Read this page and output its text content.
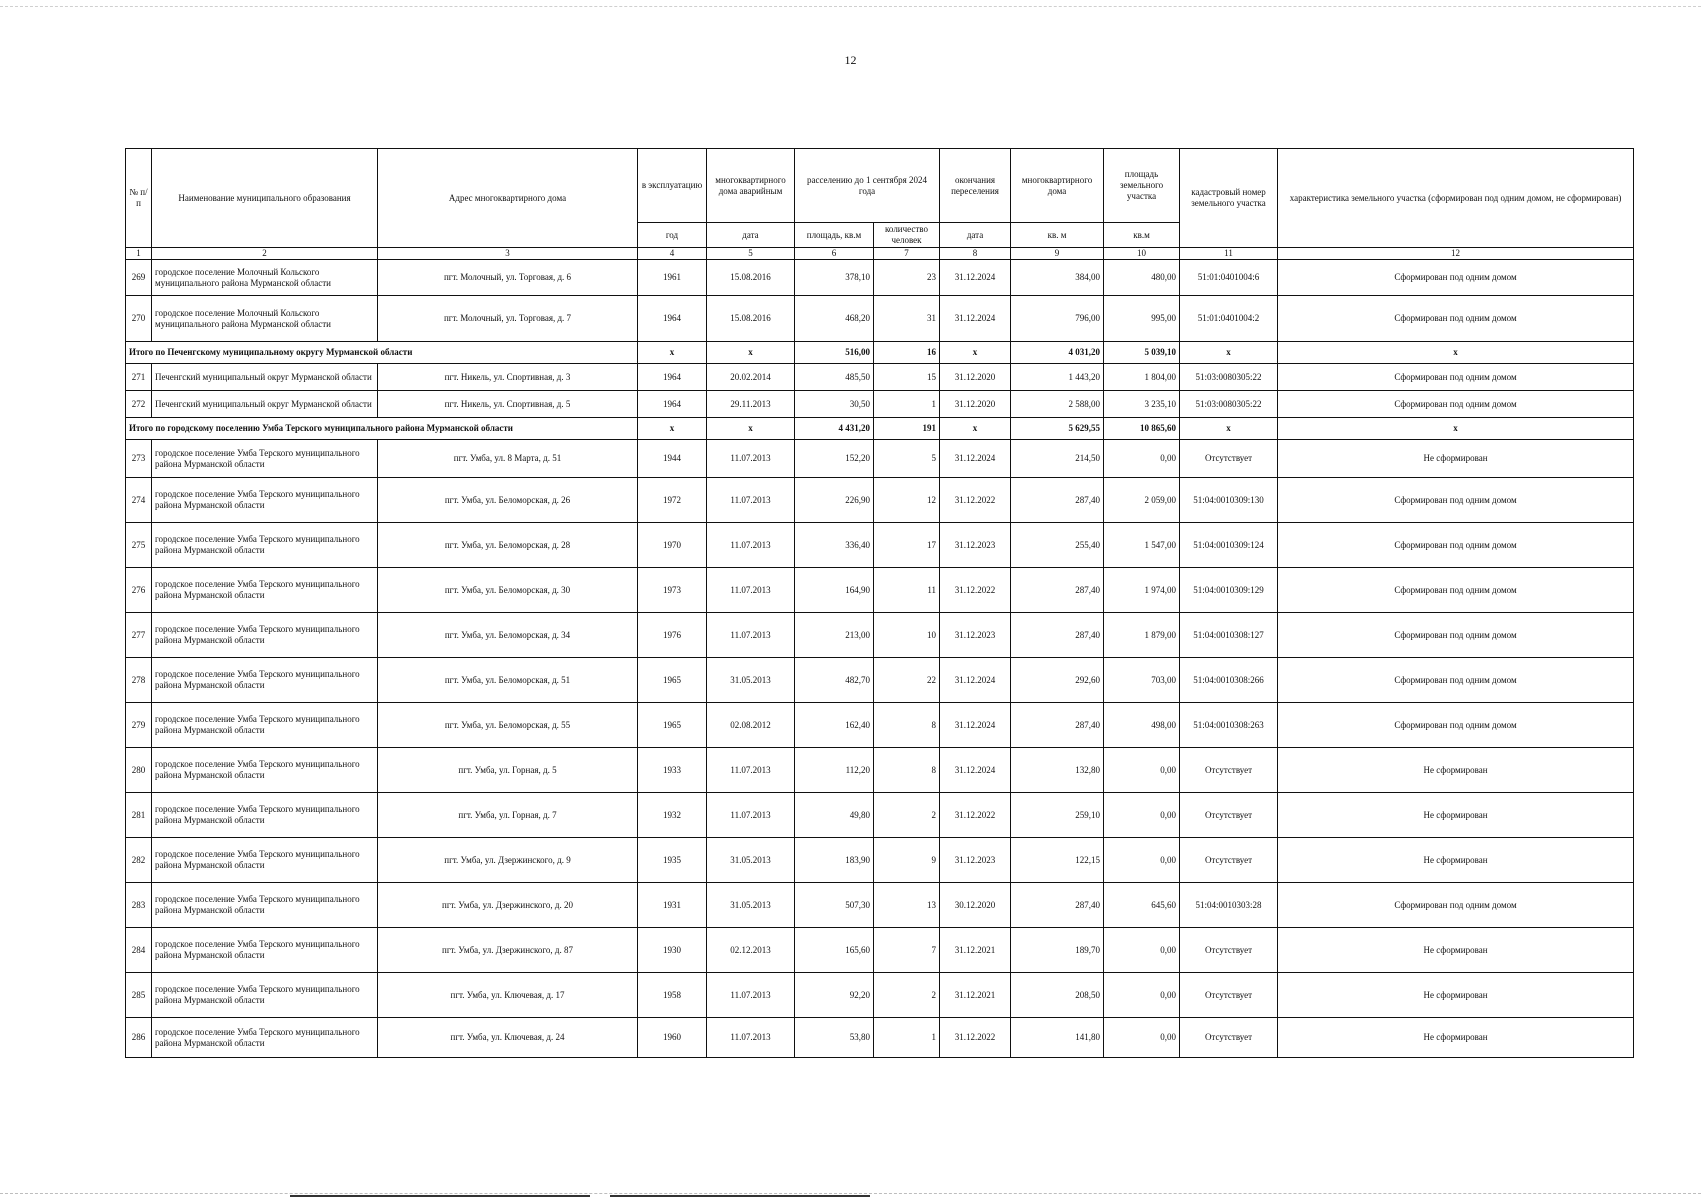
12
№ п/п	Наименование муниципального образования	Адрес многоквартирного дома	в эксплуатацию	многоквартирного дома аварийным	расселению до 1 сентября 2024 года		окончания переселения	многоквартирного дома	площадь земельного участка	кадастровый номер земельного участка	характеристика земельного участка (сформирован под одним домом, не сформирован)
			год	дата	площадь, кв.м	количество человек	дата	кв. м	кв.м		
1	2	3	4	5	6	7	8	9	10	11	12
269	городское поселение Молочный Кольского муниципального района Мурманской области	пгт. Молочный, ул. Торговая, д. 6	1961	15.08.2016	378,10	23	31.12.2024	384,00	480,00	51:01:0401004:6	Сформирован под одним домом
270	городское поселение Молочный Кольского муниципального района Мурманской области	пгт. Молочный, ул. Торговая, д. 7	1964	15.08.2016	468,20	31	31.12.2024	796,00	995,00	51:01:0401004:2	Сформирован под одним домом
Итого по Печенгскому муниципальному округу Мурманской области			x	x	516,00	16	x	4 031,20	5 039,10	x	x
271	Печенгский муниципальный округ Мурманской области	пгт. Никель, ул. Спортивная, д. 3	1964	20.02.2014	485,50	15	31.12.2020	1 443,20	1 804,00	51:03:0080305:22	Сформирован под одним домом
272	Печенгский муниципальный округ Мурманской области	пгт. Никель, ул. Спортивная, д. 5	1964	29.11.2013	30,50	1	31.12.2020	2 588,00	3 235,10	51:03:0080305:22	Сформирован под одним домом
Итого по городскому поселению Умба Терского муниципального района Мурманской области			x	x	4 431,20	191	x	5 629,55	10 865,60	x	x
273	городское поселение Умба Терского муниципального района Мурманской области	пгт. Умба, ул. 8 Марта, д. 51	1944	11.07.2013	152,20	5	31.12.2024	214,50	0,00	Отсутствует	Не сформирован
274	городское поселение Умба Терского муниципального района Мурманской области	пгт. Умба, ул. Беломорская, д. 26	1972	11.07.2013	226,90	12	31.12.2022	287,40	2 059,00	51:04:0010309:130	Сформирован под одним домом
275	городское поселение Умба Терского муниципального района Мурманской области	пгт. Умба, ул. Беломорская, д. 28	1970	11.07.2013	336,40	17	31.12.2023	255,40	1 547,00	51:04:0010309:124	Сформирован под одним домом
276	городское поселение Умба Терского муниципального района Мурманской области	пгт. Умба, ул. Беломорская, д. 30	1973	11.07.2013	164,90	11	31.12.2022	287,40	1 974,00	51:04:0010309:129	Сформирован под одним домом
277	городское поселение Умба Терского муниципального района Мурманской области	пгт. Умба, ул. Беломорская, д. 34	1976	11.07.2013	213,00	10	31.12.2023	287,40	1 879,00	51:04:0010308:127	Сформирован под одним домом
278	городское поселение Умба Терского муниципального района Мурманской области	пгт. Умба, ул. Беломорская, д. 51	1965	31.05.2013	482,70	22	31.12.2024	292,60	703,00	51:04:0010308:266	Сформирован под одним домом
279	городское поселение Умба Терского муниципального района Мурманской области	пгт. Умба, ул. Беломорская, д. 55	1965	02.08.2012	162,40	8	31.12.2024	287,40	498,00	51:04:0010308:263	Сформирован под одним домом
280	городское поселение Умба Терского муниципального района Мурманской области	пгт. Умба, ул. Горная, д. 5	1933	11.07.2013	112,20	8	31.12.2024	132,80	0,00	Отсутствует	Не сформирован
281	городское поселение Умба Терского муниципального района Мурманской области	пгт. Умба, ул. Горная, д. 7	1932	11.07.2013	49,80	2	31.12.2022	259,10	0,00	Отсутствует	Не сформирован
282	городское поселение Умба Терского муниципального района Мурманской области	пгт. Умба, ул. Дзержинского, д. 9	1935	31.05.2013	183,90	9	31.12.2023	122,15	0,00	Отсутствует	Не сформирован
283	городское поселение Умба Терского муниципального района Мурманской области	пгт. Умба, ул. Дзержинского, д. 20	1931	31.05.2013	507,30	13	30.12.2020	287,40	645,60	51:04:0010303:28	Сформирован под одним домом
284	городское поселение Умба Терского муниципального района Мурманской области	пгт. Умба, ул. Дзержинского, д. 87	1930	02.12.2013	165,60	7	31.12.2021	189,70	0,00	Отсутствует	Не сформирован
285	городское поселение Умба Терского муниципального района Мурманской области	пгт. Умба, ул. Ключевая, д. 17	1958	11.07.2013	92,20	2	31.12.2021	208,50	0,00	Отсутствует	Не сформирован
286	городское поселение Умба Терского муниципального района Мурманской области	пгт. Умба, ул. Ключевая, д. 24	1960	11.07.2013	53,80	1	31.12.2022	141,80	0,00	Отсутствует	Не сформирован
